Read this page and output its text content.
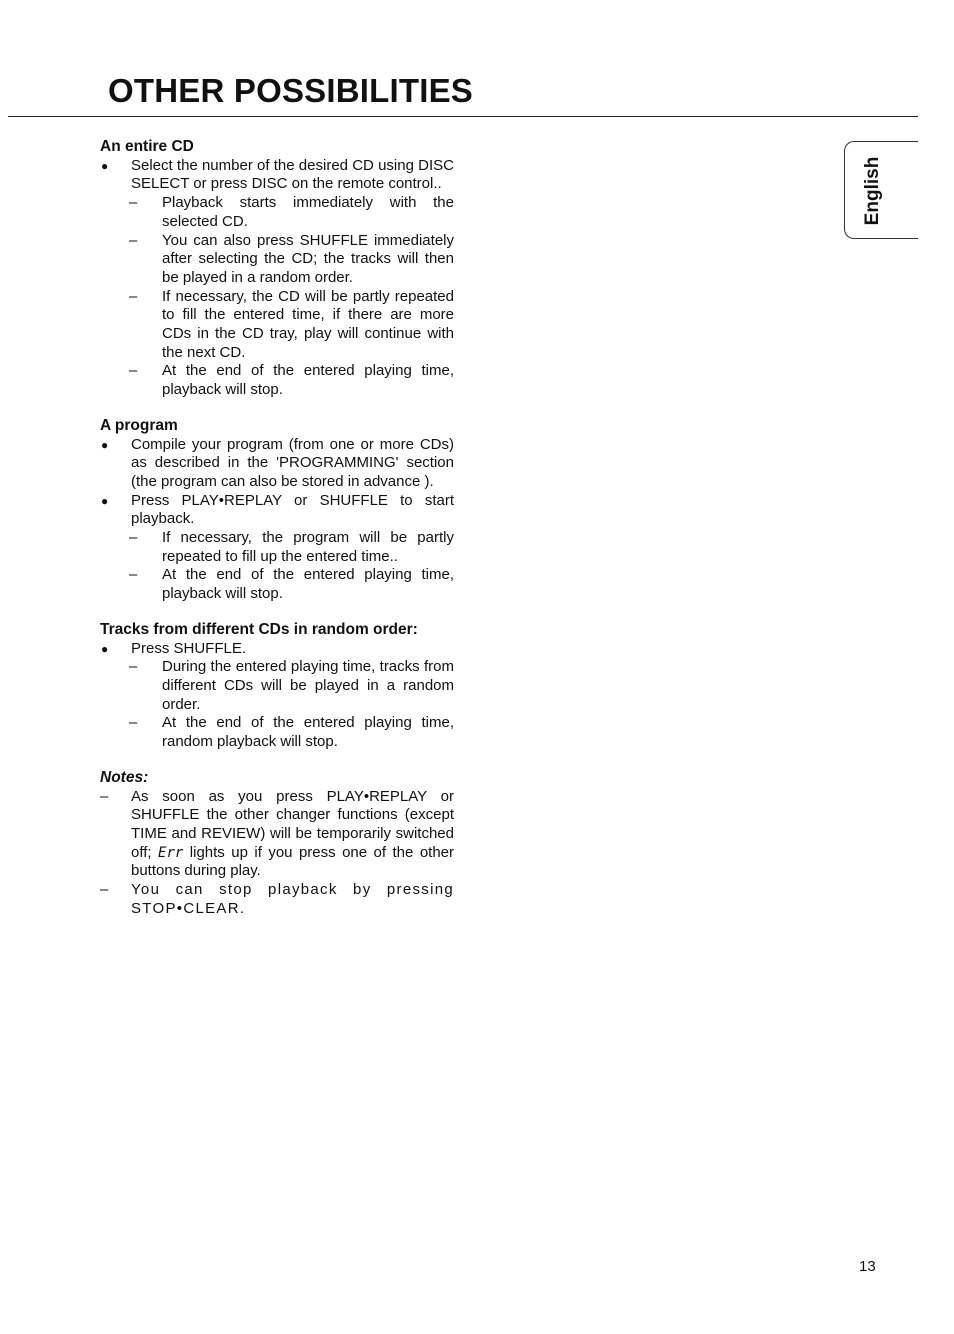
OTHER POSSIBILITIES
English

An entire CD

● Select the number of the desired CD using DISC SELECT or press DISC on the remote control..
– Playback starts immediately with the selected CD.
– You can also press SHUFFLE immediately after selecting the CD; the tracks will then be played in a random order.
– If necessary, the CD will be partly repeated to fill the entered time, if there are more CDs in the CD tray, play will continue with the next CD.
– At the end of the entered playing time, playback will stop.

A program

● Compile your program (from one or more CDs) as described in the 'PROGRAMMING' section (the program can also be stored in advance ).
● Press PLAY•REPLAY or SHUFFLE to start playback.
– If necessary, the program will be partly repeated to fill up the entered time..
– At the end of the entered playing time, playback will stop.

Tracks from different CDs in random order:

● Press SHUFFLE.
– During the entered playing time, tracks from different CDs will be played in a random order.
– At the end of the entered playing time, random playback will stop.

Notes:

– As soon as you press PLAY•REPLAY or SHUFFLE the other changer functions (except TIME and REVIEW) will be temporarily switched off; Err lights up if you press one of the other buttons during play.
– You can stop playback by pressing STOP•CLEAR.
13
